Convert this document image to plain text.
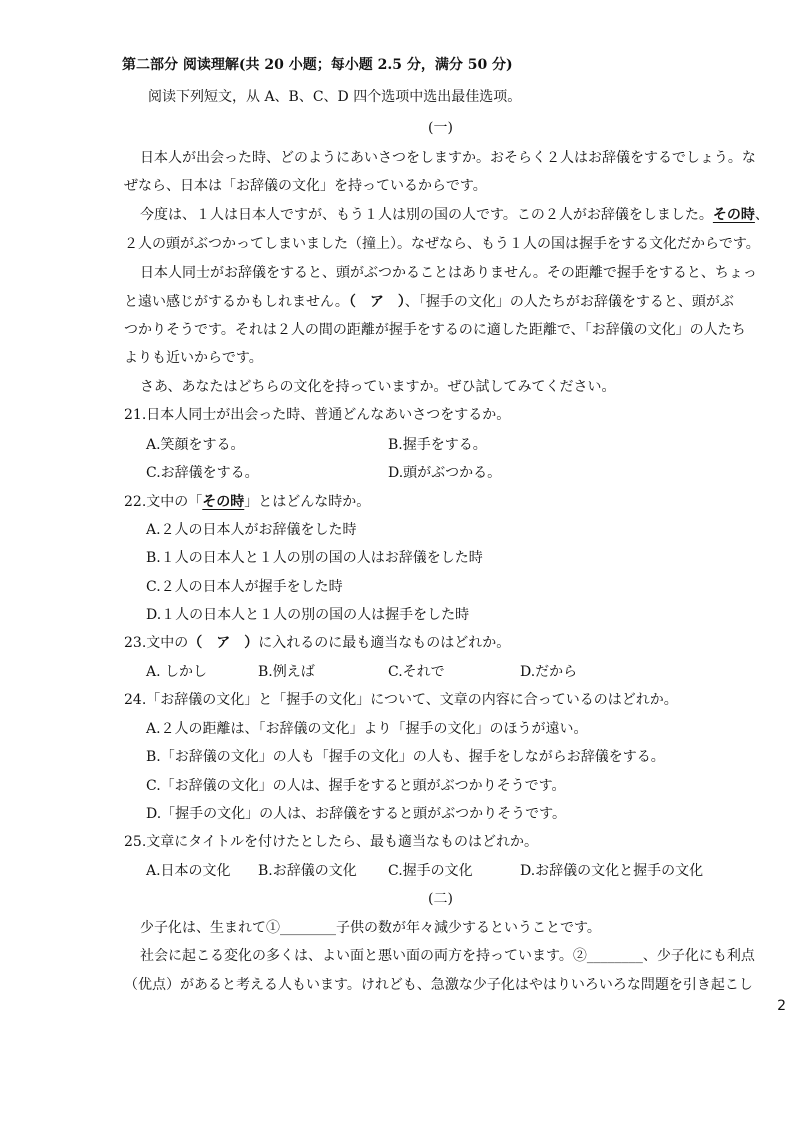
第二部分 阅读理解(共 20 小题；每小题 2.5 分，满分 50 分)
阅读下列短文，从 A、B、C、D 四个选项中选出最佳选项。
(一)
日本人が出会った時、どのようにあいさつをしますか。おそらく２人はお辞儀をするでしょう。な
ぜなら、日本は「お辞儀の文化」を持っているからです。
今度は、１人は日本人ですが、もう１人は別の国の人です。この２人がお辞儀をしました。その時、
２人の頭がぶつかってしまいました（撞上）。なぜなら、もう１人の国は握手をする文化だからです。
日本人同士がお辞儀をすると、頭がぶつかることはありません。その距離で握手をすると、ちょっ
と遠い感じがするかもしれません。（　ア　）、「握手の文化」の人たちがお辞儀をすると、頭がぶ
つかりそうです。それは２人の間の距離が握手をするのに適した距離で、「お辞儀の文化」の人たち
よりも近いからです。
さあ、あなたはどちらの文化を持っていますか。ぜひ試してみてください。
21.日本人同士が出会った時、普通どんなあいさつをするか。
A.笑顔をする。	B.握手をする。
C.お辞儀をする。	D.頭がぶつかる。
22.文中の「その時」とはどんな時か。
A.２人の日本人がお辞儀をした時
B.１人の日本人と１人の別の国の人はお辞儀をした時
C.２人の日本人が握手をした時
D.１人の日本人と１人の別の国の人は握手をした時
23.文中の（　ア　）に入れるのに最も適当なものはどれか。
A. しかし	B.例えば	C.それで	D.だから
24.「お辞儀の文化」と「握手の文化」について、文章の内容に合っているのはどれか。
A.２人の距離は、「お辞儀の文化」より「握手の文化」のほうが遠い。
B.「お辞儀の文化」の人も「握手の文化」の人も、握手をしながらお辞儀をする。
C.「お辞儀の文化」の人は、握手をすると頭がぶつかりそうです。
D.「握手の文化」の人は、お辞儀をすると頭がぶつかりそうです。
25.文章にタイトルを付けたとしたら、最も適当なものはどれか。
A.日本の文化 B.お辞儀の文化 C.握手の文化	D.お辞儀の文化と握手の文化
(二)
少子化は、生まれて①________子供の数が年々減少するということです。
社会に起こる変化の多くは、よい面と悪い面の両方を持っています。②________、少子化にも利点
（优点）があると考える人もいます。けれども、急激な少子化はやはりいろいろな問題を引き起こし
2
